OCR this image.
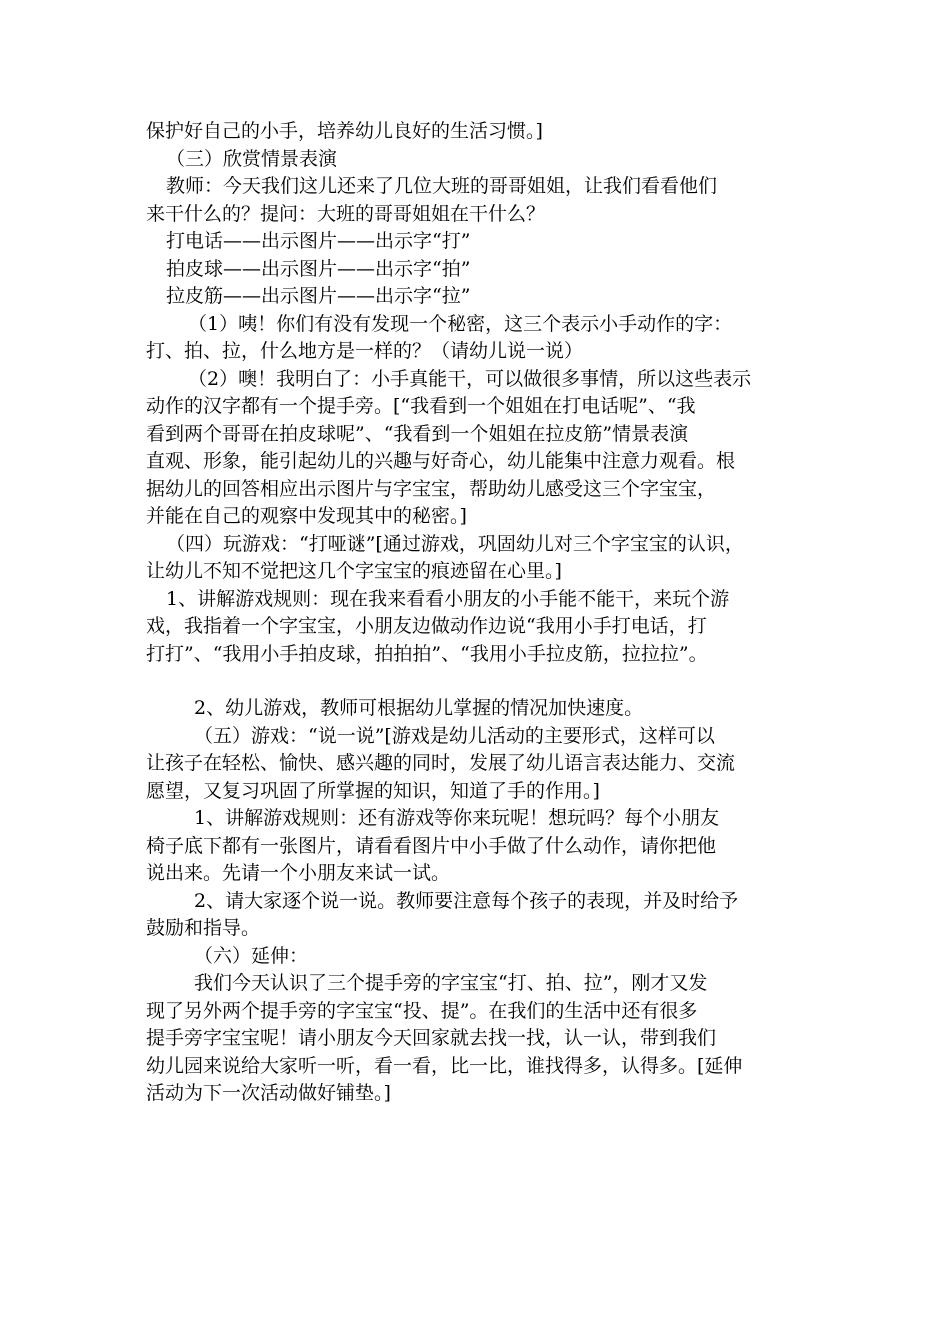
保护好自己的小手，培养幼儿良好的生活习惯。]

（三）欣赏情景表演

教师：今天我们这儿还来了几位大班的哥哥姐姐，让我们看看他们

来干什么的？提问：大班的哥哥姐姐在干什么？

打电话——出示图片——出示字“打”

拍皮球——出示图片——出示字“拍”

拉皮筋——出示图片——出示字“拉”

（1）咦！你们有没有发现一个秘密，这三个表示小手动作的字：

打、拍、拉，什么地方是一样的？（请幼儿说一说）

（2）噢！我明白了：小手真能干，可以做很多事情，所以这些表示

动作的汉字都有一个提手旁。[“我看到一个姐姐在打电话呢”、“我

看到两个哥哥在拍皮球呢”、“我看到一个姐姐在拉皮筋”情景表演

直观、形象，能引起幼儿的兴趣与好奇心，幼儿能集中注意力观看。根

据幼儿的回答相应出示图片与字宝宝，帮助幼儿感受这三个字宝宝，

并能在自己的观察中发现其中的秘密。]

（四）玩游戏：“打哑谜”[通过游戏，巩固幼儿对三个字宝宝的认识，

让幼儿不知不觉把这几个字宝宝的痕迹留在心里。]

1、讲解游戏规则：现在我来看看小朋友的小手能不能干，来玩个游

戏，我指着一个字宝宝，小朋友边做动作边说“我用小手打电话，打

打打”、“我用小手拍皮球，拍拍拍”、“我用小手拉皮筋，拉拉拉”。

2、幼儿游戏，教师可根据幼儿掌握的情况加快速度。

（五）游戏：“说一说”[游戏是幼儿活动的主要形式，这样可以

让孩子在轻松、愉快、感兴趣的同时，发展了幼儿语言表达能力、交流

愿望，又复习巩固了所掌握的知识，知道了手的作用。]

1、讲解游戏规则：还有游戏等你来玩呢！想玩吗？每个小朋友

椅子底下都有一张图片，请看看图片中小手做了什么动作，请你把他

说出来。先请一个小朋友来试一试。

2、请大家逐个说一说。教师要注意每个孩子的表现，并及时给予

鼓励和指导。

（六）延伸：

我们今天认识了三个提手旁的字宝宝“打、拍、拉”，刚才又发

现了另外两个提手旁的字宝宝“投、提”。在我们的生活中还有很多

提手旁字宝宝呢！请小朋友今天回家就去找一找，认一认，带到我们

幼儿园来说给大家听一听，看一看，比一比，谁找得多，认得多。[延伸

活动为下一次活动做好铺垫。]
